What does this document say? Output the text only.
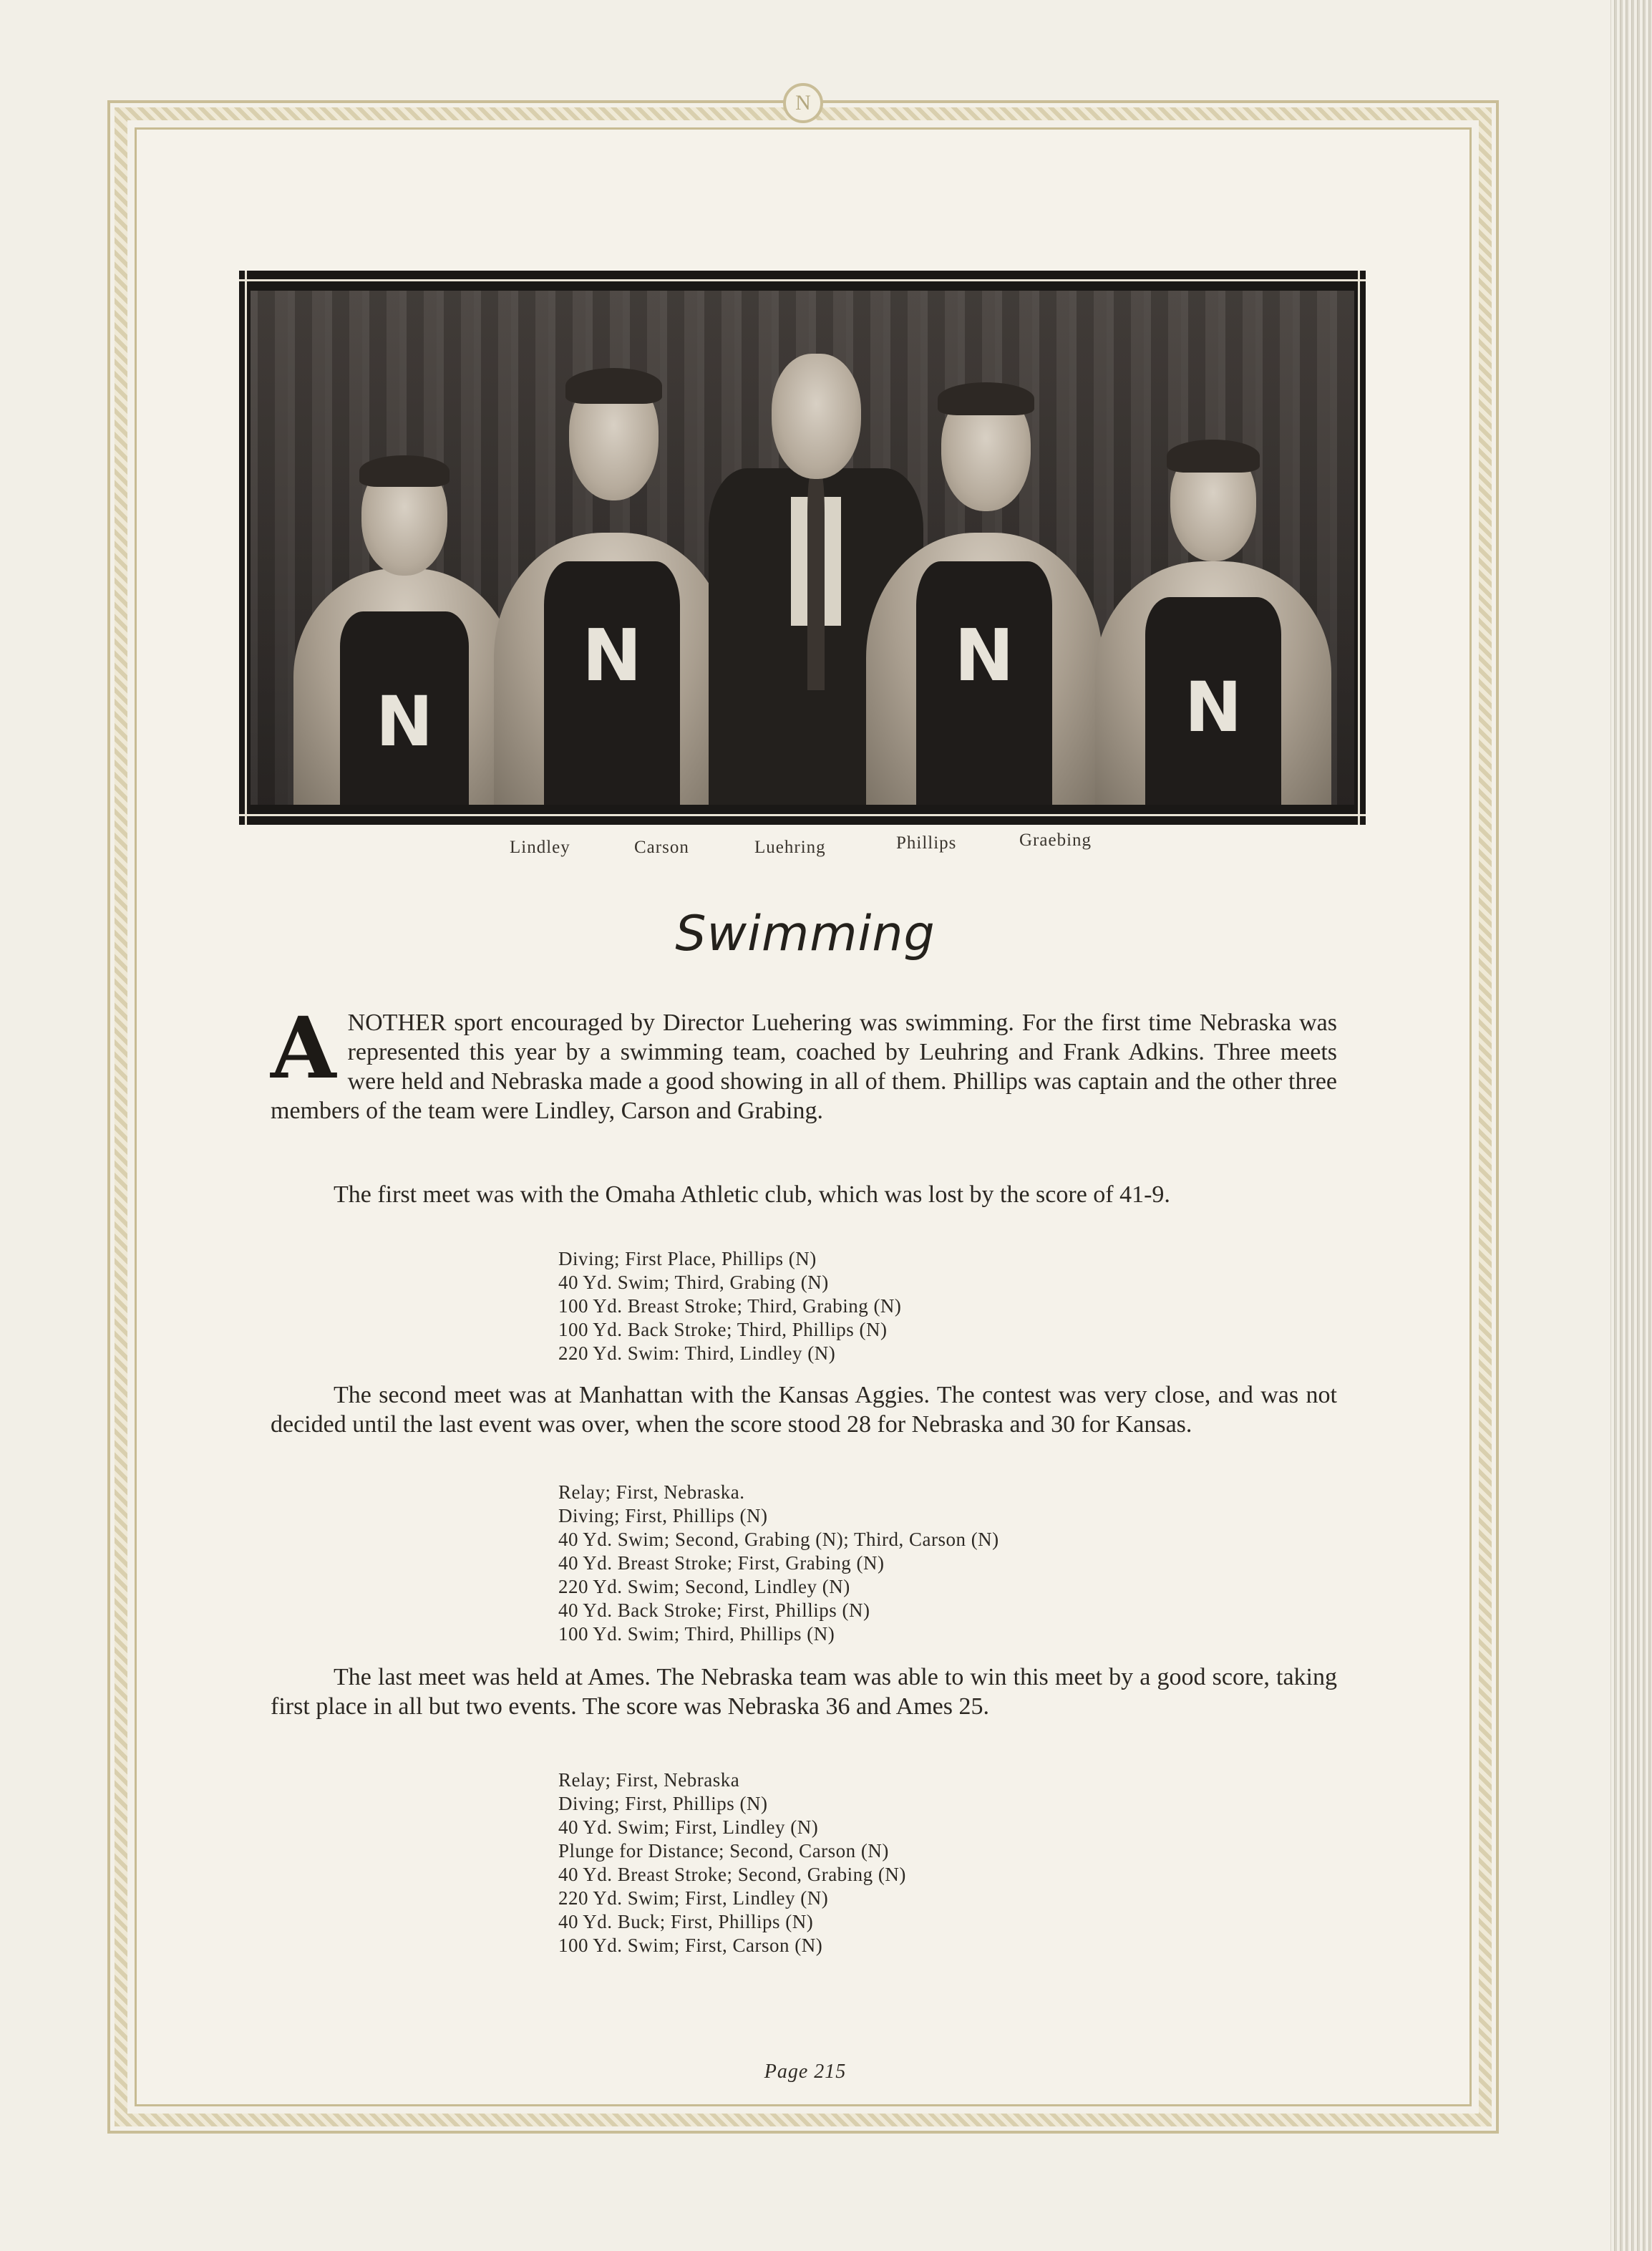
N
N
N	N
N
Lindley	Carson	Luehring	Phillips	Graebing
Swimming
ANOTHER sport encouraged by Director Luehering was swimming. For the first time Nebraska was represented this year by a swimming team, coached by Leuhring and Frank Adkins. Three meets were held and Nebraska made a good showing in all of them. Phillips was captain and the other three members of the team were Lindley, Carson and Grabing.
The first meet was with the Omaha Athletic club, which was lost by the score of 41-9.
Diving; First Place, Phillips (N)
40 Yd. Swim; Third, Grabing (N)
100 Yd. Breast Stroke; Third, Grabing (N)
100 Yd. Back Stroke; Third, Phillips (N)
220 Yd. Swim: Third, Lindley (N)
The second meet was at Manhattan with the Kansas Aggies. The contest was very close, and was not decided until the last event was over, when the score stood 28 for Nebraska and 30 for Kansas.
Relay; First, Nebraska.
Diving; First, Phillips (N)
40 Yd. Swim; Second, Grabing (N); Third, Carson (N)
40 Yd. Breast Stroke; First, Grabing (N)
220 Yd. Swim; Second, Lindley (N)
40 Yd. Back Stroke; First, Phillips (N)
100 Yd. Swim; Third, Phillips (N)
The last meet was held at Ames. The Nebraska team was able to win this meet by a good score, taking first place in all but two events. The score was Nebraska 36 and Ames 25.
Relay; First, Nebraska
Diving; First, Phillips (N)
40 Yd. Swim; First, Lindley (N)
Plunge for Distance; Second, Carson (N)
40 Yd. Breast Stroke; Second, Grabing (N)
220 Yd. Swim; First, Lindley (N)
40 Yd. Buck; First, Phillips (N)
100 Yd. Swim; First, Carson (N)
Page 215
